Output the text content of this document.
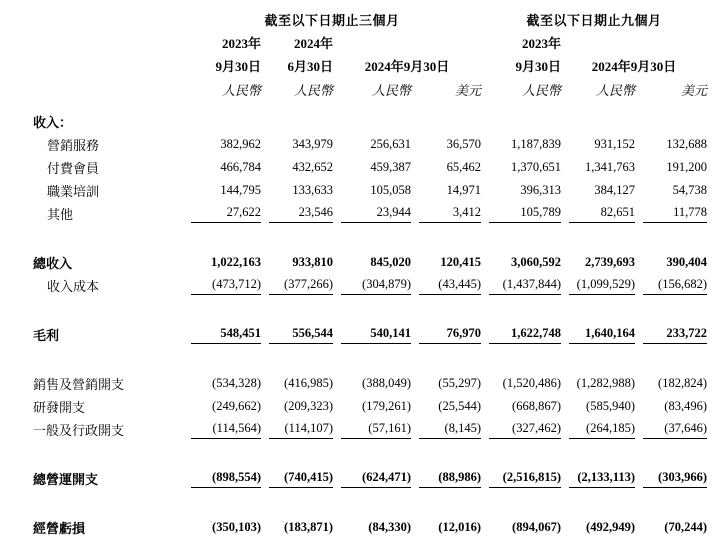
	截至以下日期止三個月				截至以下日期止九個月		
	2023年	2024年			2023年		
	9月30日	6月30日	2024年9月30日		9月30日	2024年9月30日	
	人民幣	人民幣	人民幣	美元	人民幣	人民幣	美元
收入：	

營銷服務	382,962	343,979	256,631	36,570	1,187,839	931,152	132,688

付費會員	466,784	432,652	459,387	65,462	1,370,651	1,341,763	191,200

職業培訓	144,795	133,633	105,058	14,971	396,313	384,127	54,738

其他	27,622	23,546	23,944	3,412	105,789	82,651	11,778

總收入	1,022,163	933,810	845,020	120,415	3,060,592	2,739,693	390,404

收入成本	(473,712)	(377,266)	(304,879)	(43,445)	(1,437,844)	(1,099,529)	(156,682)

毛利	548,451	556,544	540,141	76,970	1,622,748	1,640,164	233,722

銷售及營銷開支	(534,328)	(416,985)	(388,049)	(55,297)	(1,520,486)	(1,282,988)	(182,824)

研發開支	(249,662)	(209,323)	(179,261)	(25,544)	(668,867)	(585,940)	(83,496)

一般及行政開支	(114,564)	(114,107)	(57,161)	(8,145)	(327,462)	(264,185)	(37,646)

總營運開支	(898,554)	(740,415)	(624,471)	(88,986)	(2,516,815)	(2,133,113)	(303,966)

經營虧損	(350,103)	(183,871)	(84,330)	(12,016)	(894,067)	(492,949)	(70,244)
